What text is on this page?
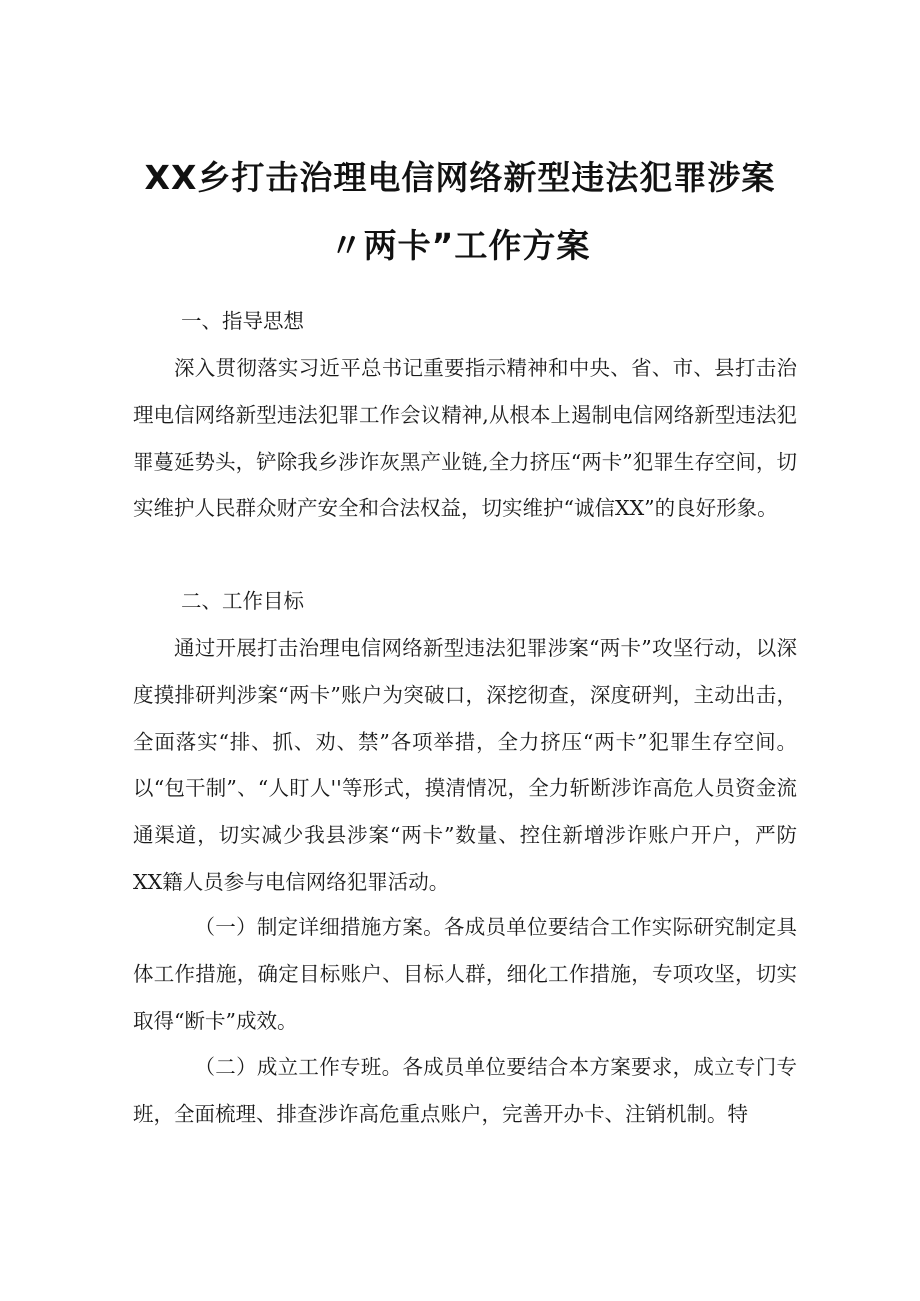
XX乡打击治理电信网络新型违法犯罪涉案
〃两卡”工作方案

一、指导思想

深入贯彻落实习近平总书记重要指示精神和中央、省、市、县打击治理电信网络新型违法犯罪工作会议精神,从根本上遏制电信网络新型违法犯罪蔓延势头，铲除我乡涉诈灰黑产业链,全力挤压“两卡”犯罪生存空间，切实维护人民群众财产安全和合法权益，切实维护“诚信XX”的良好形象。

二、工作目标

通过开展打击治理电信网络新型违法犯罪涉案“两卡”攻坚行动，以深度摸排研判涉案“两卡”账户为突破口，深挖彻查，深度研判，主动出击，全面落实“排、抓、劝、禁”各项举措，全力挤压“两卡”犯罪生存空间。以“包干制”、“人盯人''等形式，摸清情况，全力斩断涉诈高危人员资金流通渠道，切实减少我县涉案“两卡”数量、控住新增涉诈账户开户，严防XX籍人员参与电信网络犯罪活动。

（一）制定详细措施方案。各成员单位要结合工作实际研究制定具体工作措施，确定目标账户、目标人群，细化工作措施，专项攻坚，切实取得“断卡”成效。

（二）成立工作专班。各成员单位要结合本方案要求，成立专门专班，全面梳理、排查涉诈高危重点账户，完善开办卡、注销机制。特
